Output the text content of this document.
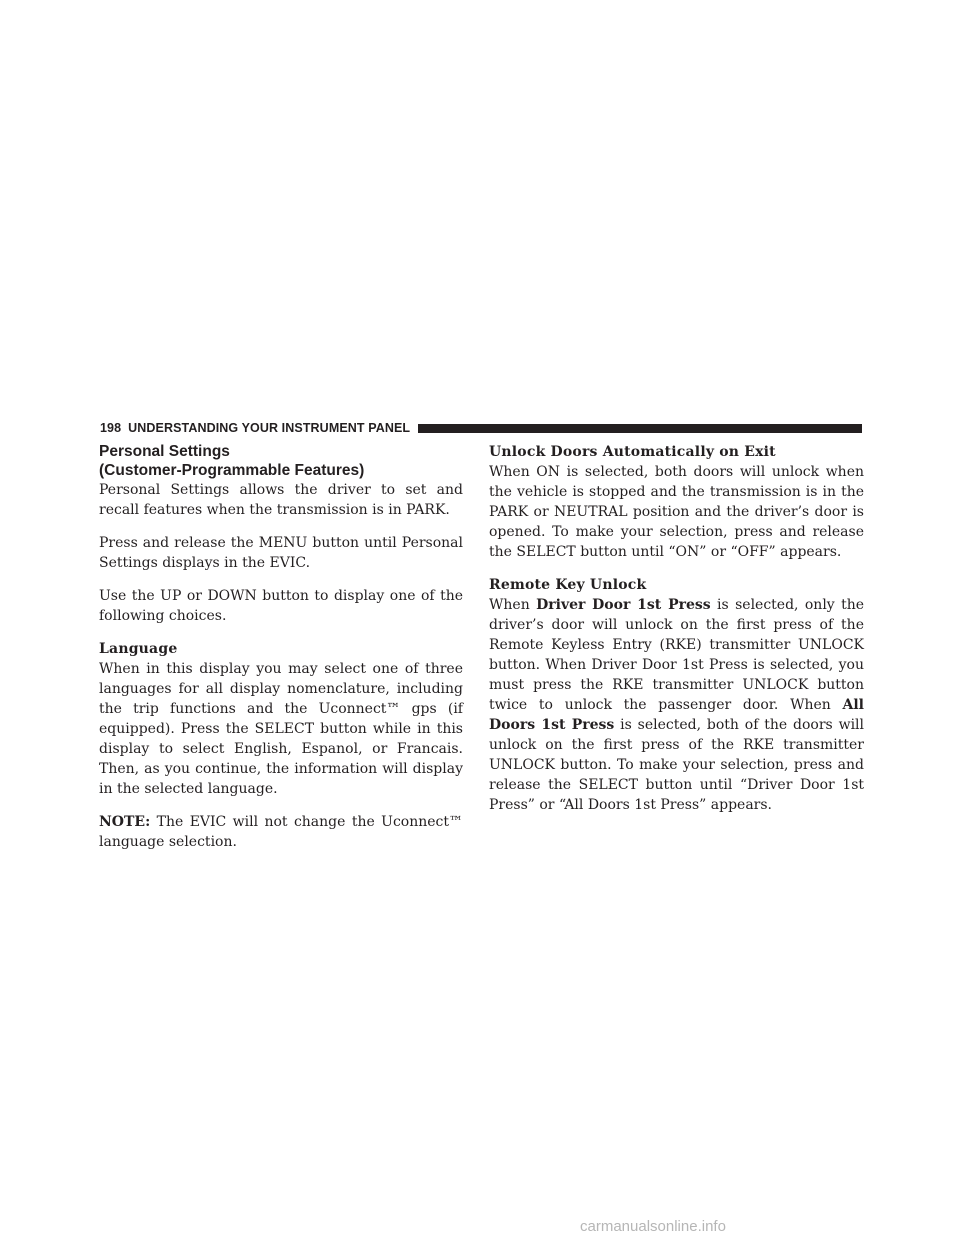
198 UNDERSTANDING YOUR INSTRUMENT PANEL
Personal Settings
(Customer-Programmable Features)

Personal Settings allows the driver to set and recall features when the transmission is in PARK.

Press and release the MENU button until Personal Settings displays in the EVIC.

Use the UP or DOWN button to display one of the following choices.

Language

When in this display you may select one of three languages for all display nomenclature, including the trip functions and the Uconnect™ gps (if equipped). Press the SELECT button while in this display to select English, Espanol, or Francais. Then, as you continue, the information will display in the selected language.

NOTE: The EVIC will not change the Uconnect™ language selection.

Unlock Doors Automatically on Exit

When ON is selected, both doors will unlock when the vehicle is stopped and the transmission is in the PARK or NEUTRAL position and the driver’s door is opened. To make your selection, press and release the SELECT button until “ON” or “OFF” appears.

Remote Key Unlock

When Driver Door 1st Press is selected, only the driver’s door will unlock on the first press of the Remote Keyless Entry (RKE) transmitter UNLOCK button. When Driver Door 1st Press is selected, you must press the RKE transmitter UNLOCK button twice to unlock the passenger door. When All Doors 1st Press is selected, both of the doors will unlock on the first press of the RKE transmitter UNLOCK button. To make your selection, press and release the SELECT button until “Driver Door 1st Press” or “All Doors 1st Press” appears.

carmanualsonline.info
